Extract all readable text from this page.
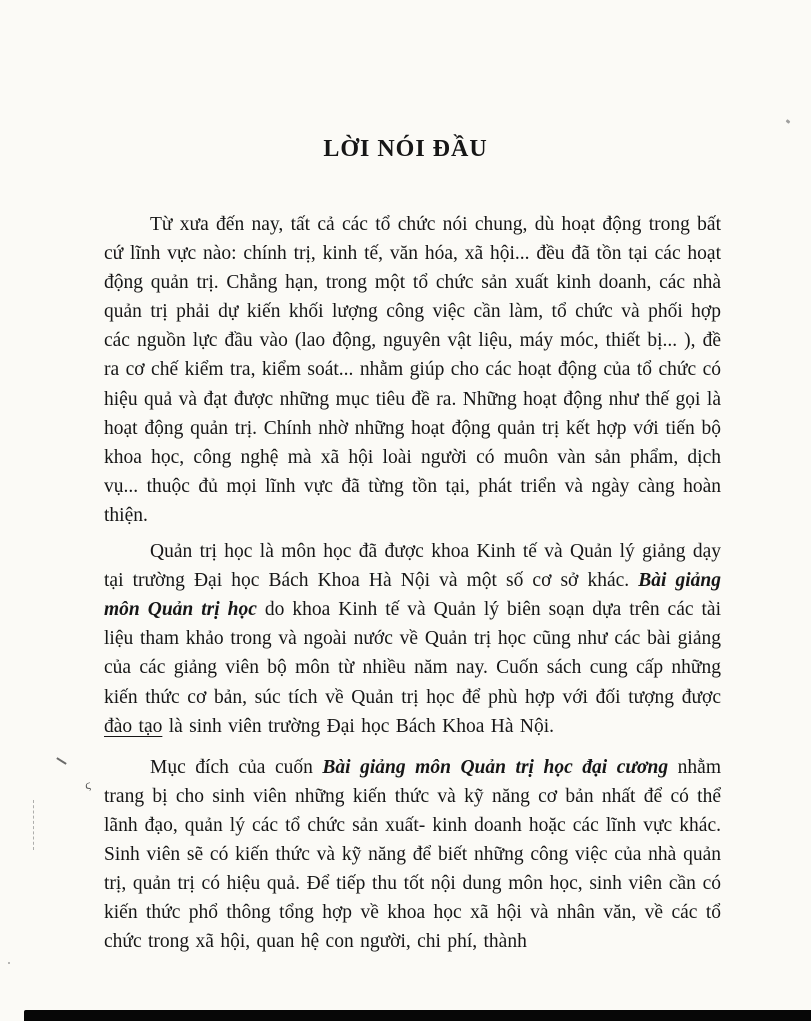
LỜI NÓI ĐẦU

Từ xưa đến nay, tất cả các tổ chức nói chung, dù hoạt động trong bất cứ lĩnh vực nào: chính trị, kinh tế, văn hóa, xã hội... đều đã tồn tại các hoạt động quản trị. Chẳng hạn, trong một tổ chức sản xuất kinh doanh, các nhà quản trị phải dự kiến khối lượng công việc cần làm, tổ chức và phối hợp các nguồn lực đầu vào (lao động, nguyên vật liệu, máy móc, thiết bị... ), đề ra cơ chế kiểm tra, kiểm soát... nhằm giúp cho các hoạt động của tổ chức có hiệu quả và đạt được những mục tiêu đề ra. Những hoạt động như thế gọi là hoạt động quản trị. Chính nhờ những hoạt động quản trị kết hợp với tiến bộ khoa học, công nghệ mà xã hội loài người có muôn vàn sản phẩm, dịch vụ... thuộc đủ mọi lĩnh vực đã từng tồn tại, phát triển và ngày càng hoàn thiện.

Quản trị học là môn học đã được khoa Kinh tế và Quản lý giảng dạy tại trường Đại học Bách Khoa Hà Nội và một số cơ sở khác. Bài giảng môn Quản trị học do khoa Kinh tế và Quản lý biên soạn dựa trên các tài liệu tham khảo trong và ngoài nước về Quản trị học cũng như các bài giảng của các giảng viên bộ môn từ nhiều năm nay. Cuốn sách cung cấp những kiến thức cơ bản, súc tích về Quản trị học để phù hợp với đối tượng được đào tạo là sinh viên trường Đại học Bách Khoa Hà Nội.

Mục đích của cuốn Bài giảng môn Quản trị học đại cương nhằm trang bị cho sinh viên những kiến thức và kỹ năng cơ bản nhất để có thể lãnh đạo, quản lý các tổ chức sản xuất- kinh doanh hoặc các lĩnh vực khác. Sinh viên sẽ có kiến thức và kỹ năng để biết những công việc của nhà quản trị, quản trị có hiệu quả. Để tiếp thu tốt nội dung môn học, sinh viên cần có kiến thức phổ thông tổng hợp về khoa học xã hội và nhân văn, về các tổ chức trong xã hội, quan hệ con người, chi phí, thành

ϛ
